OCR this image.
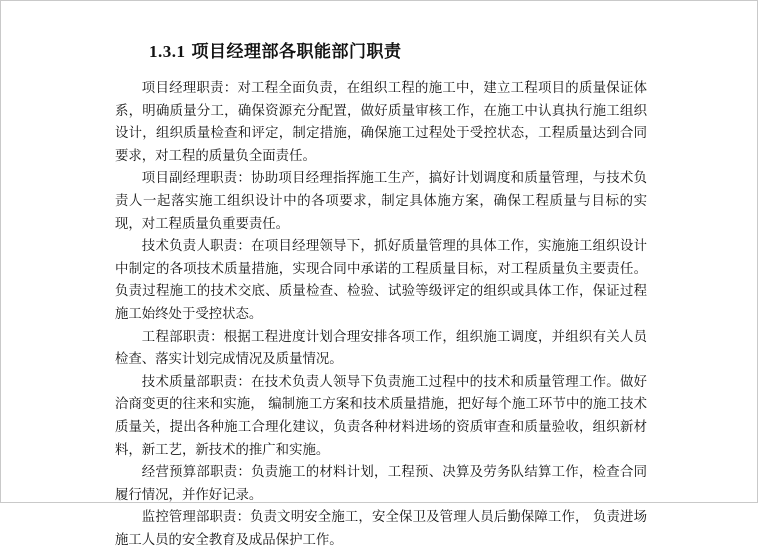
1.3.1 项目经理部各职能部门职责

项目经理职责：对工程全面负责，在组织工程的施工中，建立工程项目的质量保证体系，明确质量分工，确保资源充分配置，做好质量审核工作，在施工中认真执行施工组织设计，组织质量检查和评定，制定措施，确保施工过程处于受控状态，工程质量达到合同要求，对工程的质量负全面责任。

项目副经理职责：协助项目经理指挥施工生产，搞好计划调度和质量管理，与技术负责人一起落实施工组织设计中的各项要求，制定具体施方案，确保工程质量与目标的实现，对工程质量负重要责任。

技术负责人职责：在项目经理领导下，抓好质量管理的具体工作，实施施工组织设计中制定的各项技术质量措施，实现合同中承诺的工程质量目标，对工程质量负主要责任。负责过程施工的技术交底、质量检查、检验、试验等级评定的组织或具体工作，保证过程施工始终处于受控状态。

工程部职责：根据工程进度计划合理安排各项工作，组织施工调度，并组织有关人员检查、落实计划完成情况及质量情况。

技术质量部职责：在技术负责人领导下负责施工过程中的技术和质量管理工作。做好洽商变更的往来和实施， 编制施工方案和技术质量措施，把好每个施工环节中的施工技术质量关，提出各种施工合理化建议，负责各种材料进场的资质审查和质量验收，组织新材料，新工艺，新技术的推广和实施。

经营预算部职责：负责施工的材料计划，工程预、决算及劳务队结算工作，检查合同履行情况，并作好记录。

监控管理部职责：负责文明安全施工，安全保卫及管理人员后勤保障工作， 负责进场施工人员的安全教育及成品保护工作。
